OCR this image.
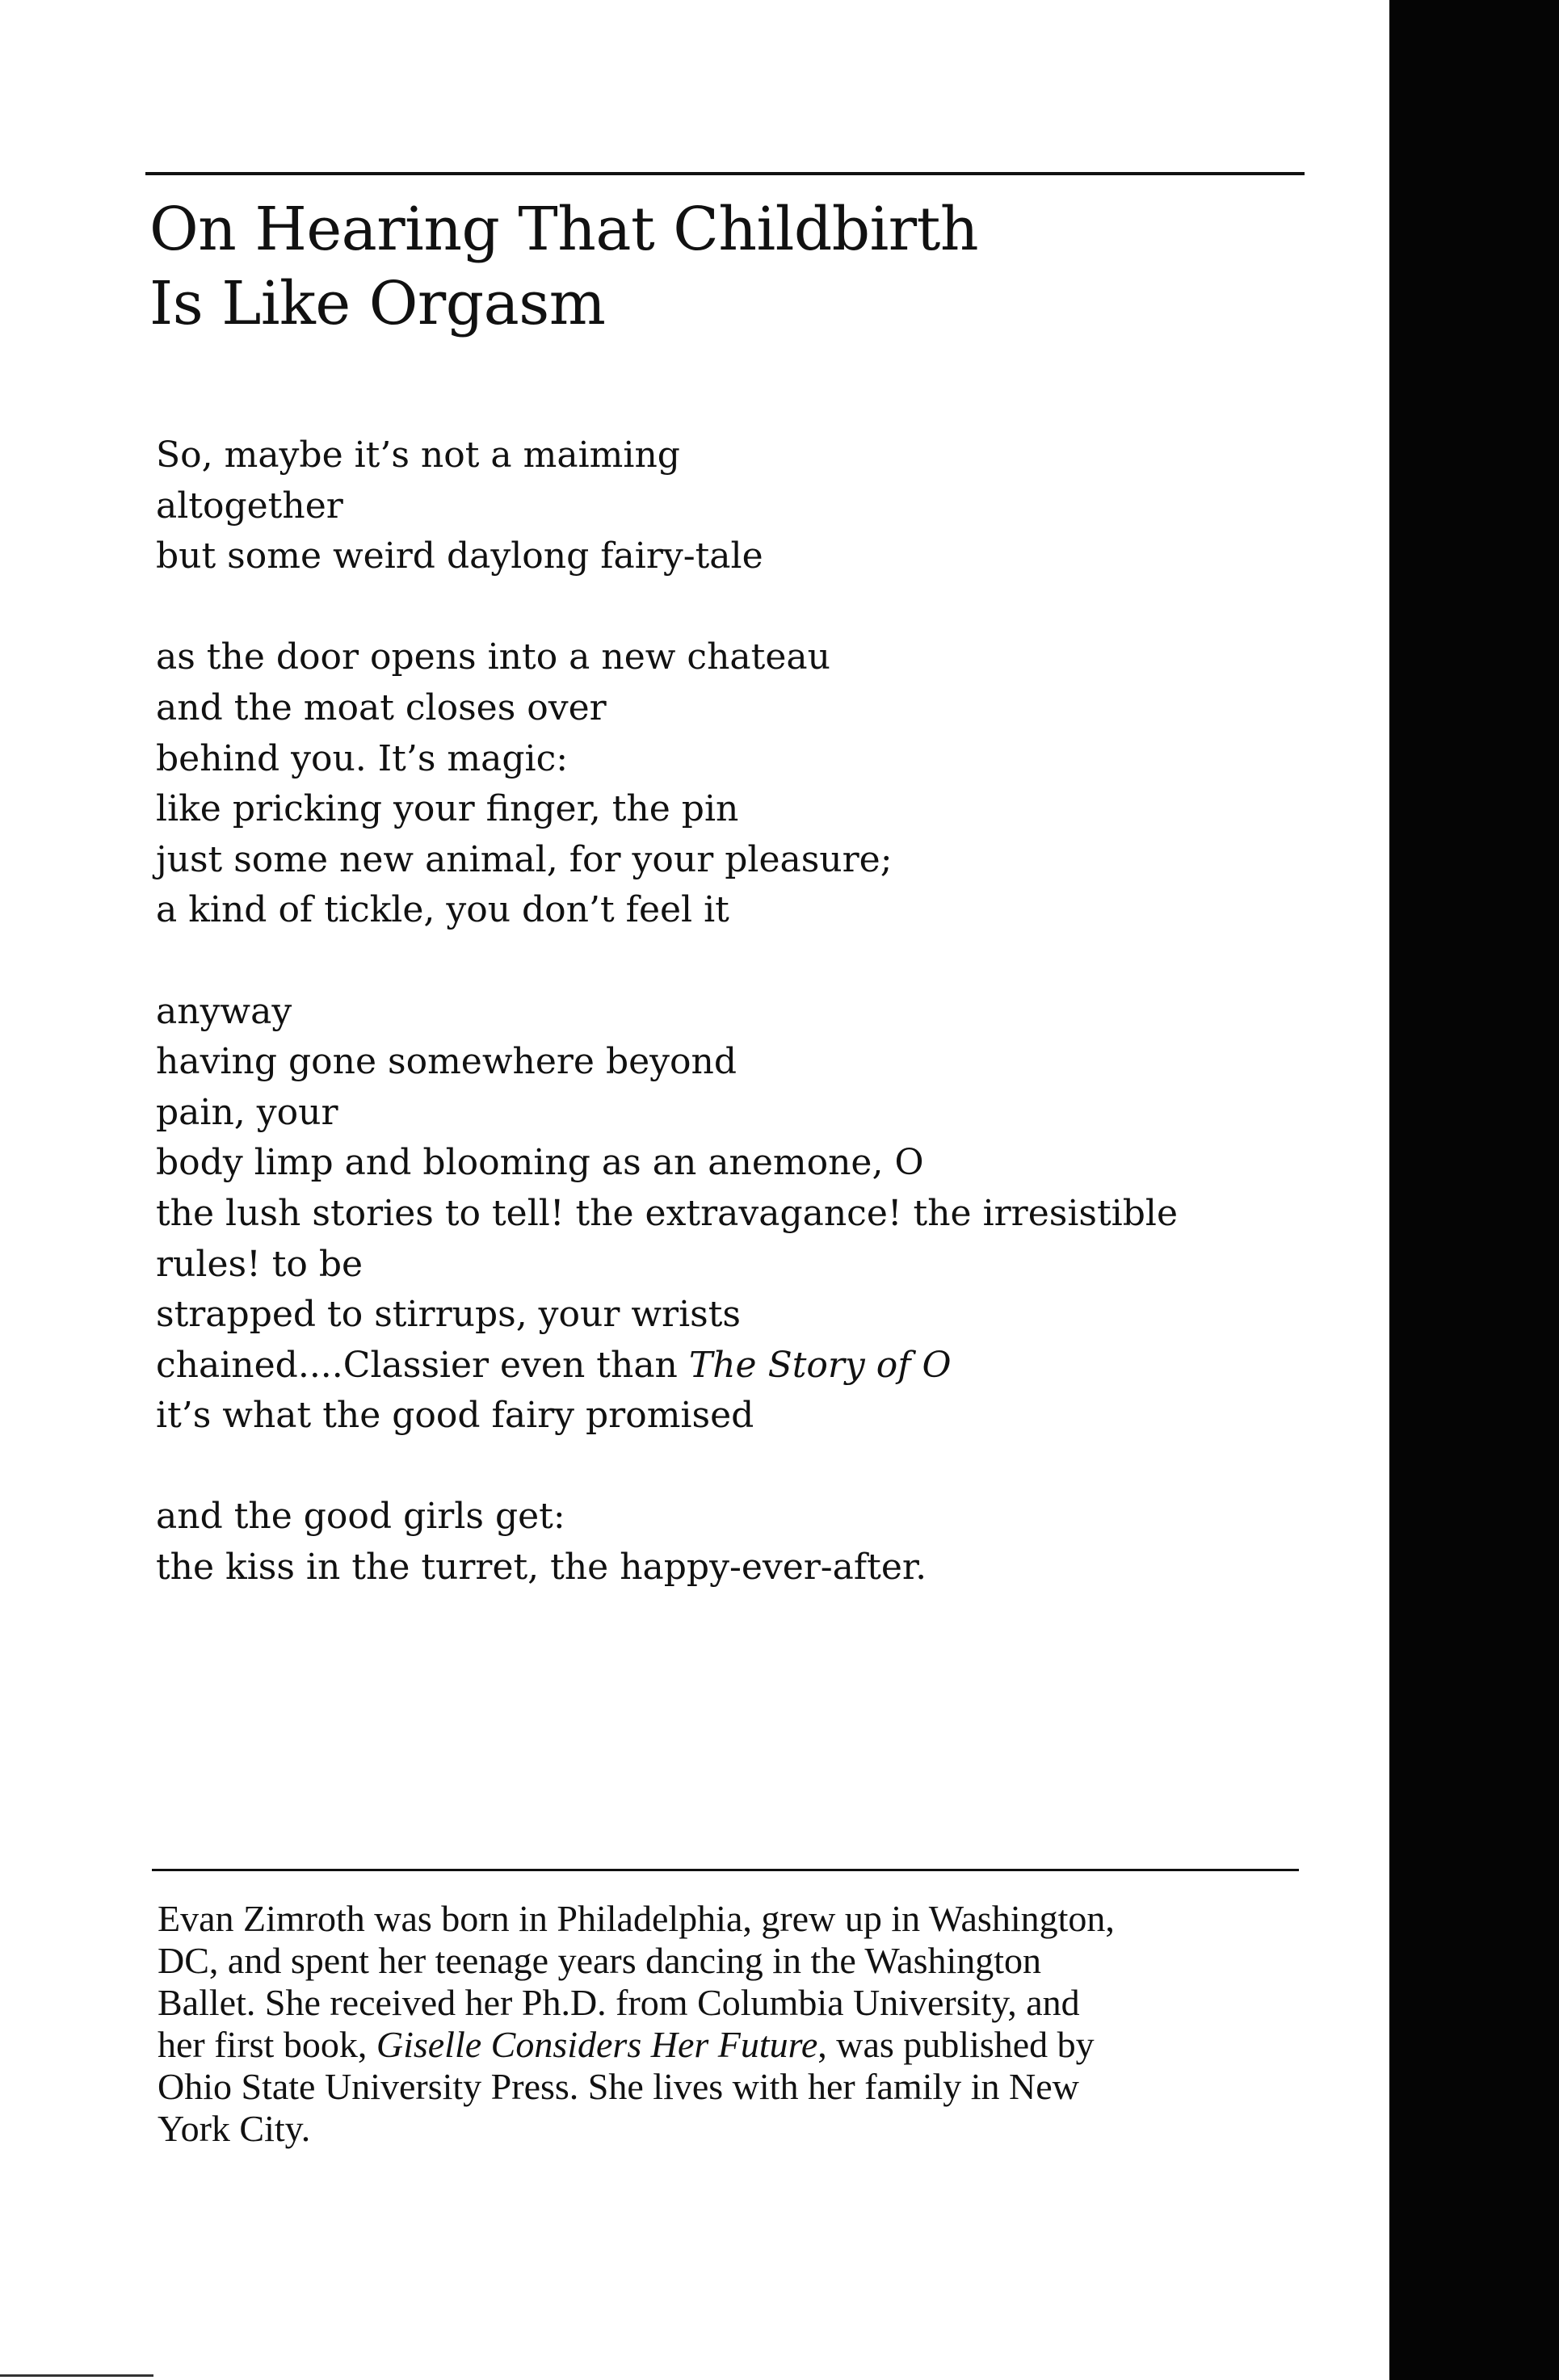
On Hearing That Childbirth
Is Like Orgasm
So, maybe it’s not a maiming
altogether
but some weird daylong fairy-tale
as the door opens into a new chateau
and the moat closes over
behind you. It’s magic:
like pricking your finger, the pin
just some new animal, for your pleasure;
a kind of tickle, you don’t feel it
anyway
having gone somewhere beyond
pain, your
body limp and blooming as an anemone, O
the lush stories to tell! the extravagance! the irresistible
rules! to be
strapped to stirrups, your wrists
chained....Classier even than The Story of O
it’s what the good fairy promised
and the good girls get:
the kiss in the turret, the happy-ever-after.
Evan Zimroth was born in Philadelphia, grew up in Washington,
DC, and spent her teenage years dancing in the Washington
Ballet. She received her Ph.D. from Columbia University, and
her first book, Giselle Considers Her Future, was published by
Ohio State University Press. She lives with her family in New
York City.
